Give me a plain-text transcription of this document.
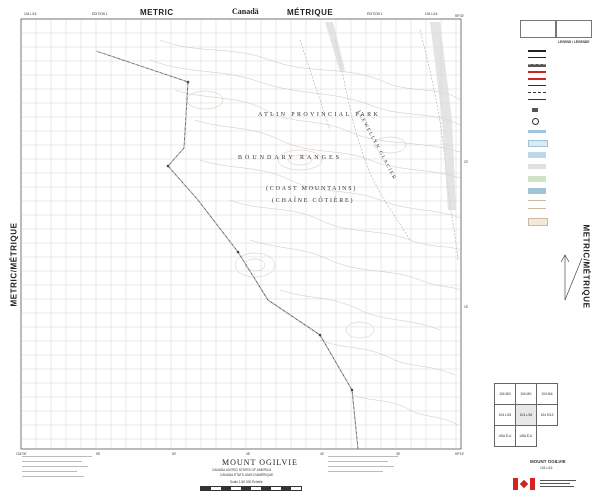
104 L/16	EDITION 1	METRIC	Canadä	MÉTRIQUE	ÉDITION 1	104 L/16
METRIC/MÉTRIQUE	METRIC/MÉTRIQUE
ATLIN PROVINCIAL PARK
BOUNDARY RANGES
(COAST MOUNTAINS)
(CHAÎNE CÔTIÈRE)
LLEWELLYN GLACIER
134°00'
59°30'
59°15'
20'
15'
55'	50'	45'	40'	35'
LEGEND / LÉGENDE
104 M/2	104 M/1	104 N/4
104 L/15	104 L/16	104 K/13
USA É-U	USA É-U
MOUNT OGILVIE
CANADA UNITED STATES OF AMERICA
CANADA ÉTATS-UNIS D'AMÉRIQUE
Scale 1:50 000 Échelle
MOUNT OGILVIE
104 L/16
